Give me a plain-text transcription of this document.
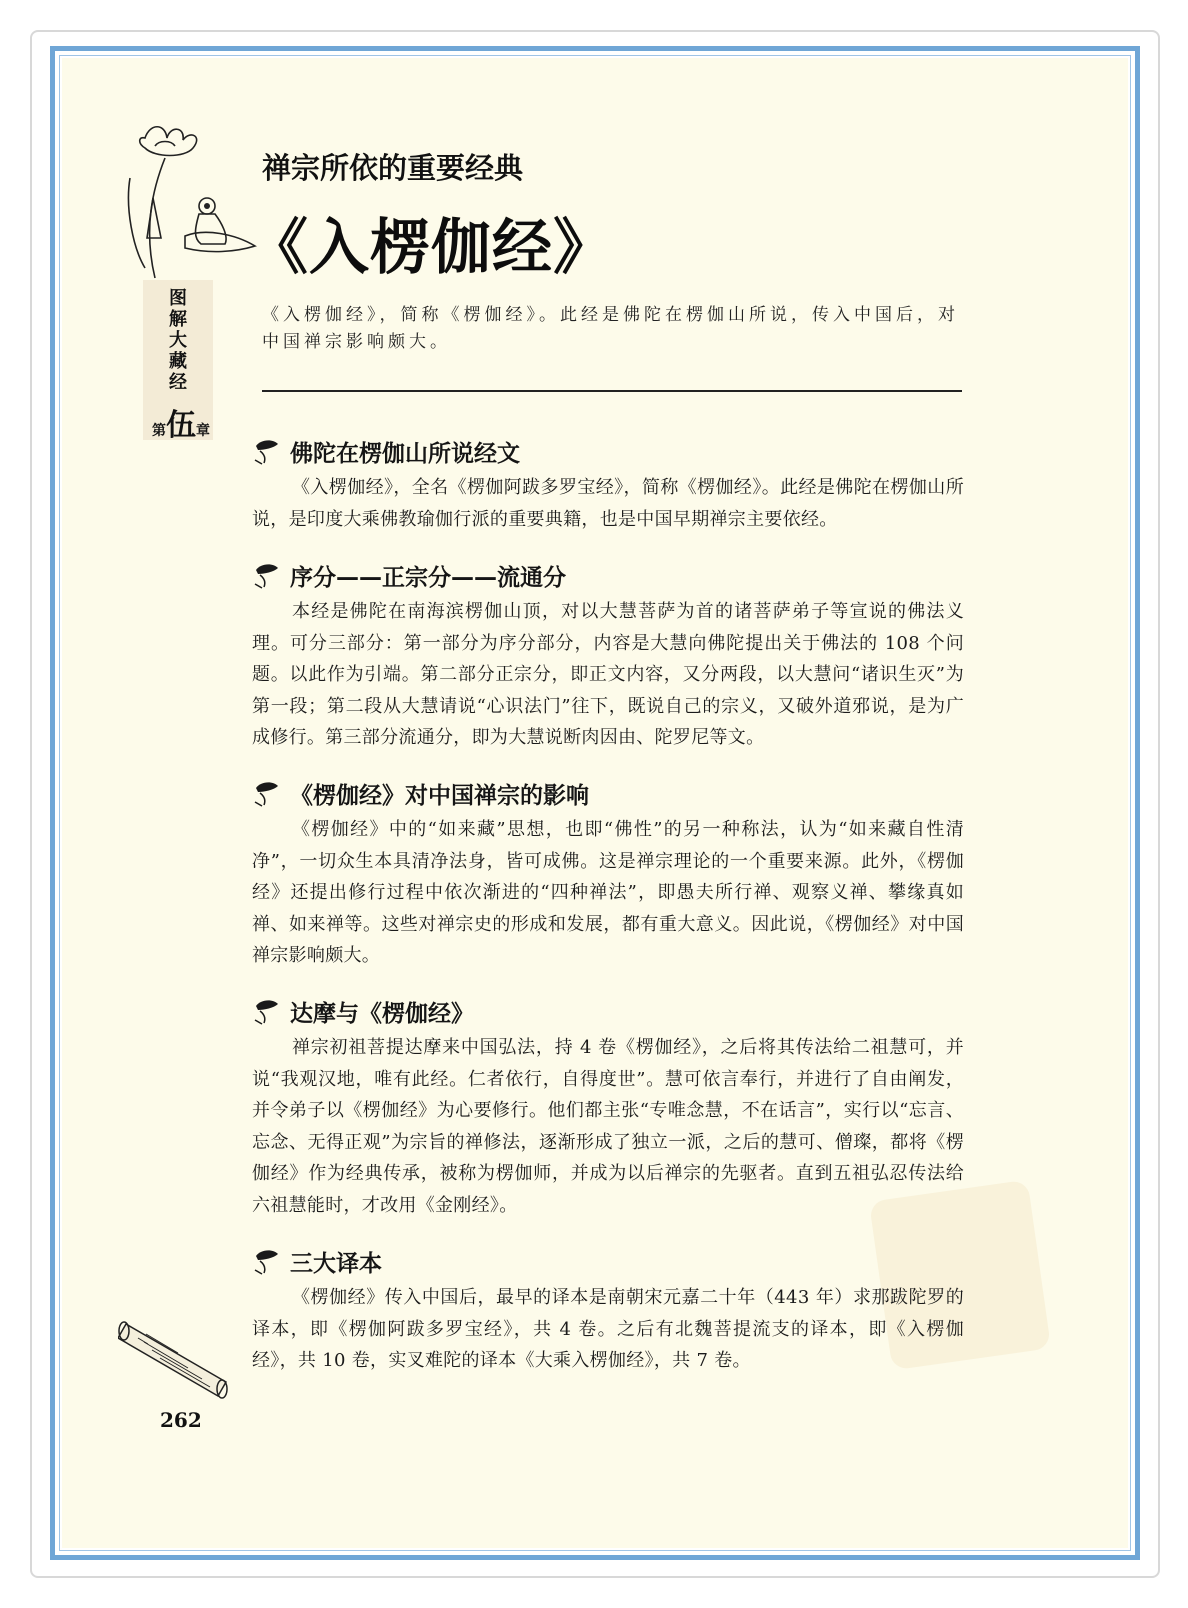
图解大藏经
第伍章
禅宗所依的重要经典
《入楞伽经》
《入楞伽经》，简称《楞伽经》。此经是佛陀在楞伽山所说，传入中国后，对中国禅宗影响颇大。
佛陀在楞伽山所说经文
《入楞伽经》，全名《楞伽阿跋多罗宝经》，简称《楞伽经》。此经是佛陀在楞伽山所说，是印度大乘佛教瑜伽行派的重要典籍，也是中国早期禅宗主要依经。
序分——正宗分——流通分
本经是佛陀在南海滨楞伽山顶，对以大慧菩萨为首的诸菩萨弟子等宣说的佛法义理。可分三部分：第一部分为序分部分，内容是大慧向佛陀提出关于佛法的 108 个问题。以此作为引端。第二部分正宗分，即正文内容，又分两段，以大慧问“诸识生灭”为第一段；第二段从大慧请说“心识法门”往下，既说自己的宗义，又破外道邪说，是为广成修行。第三部分流通分，即为大慧说断肉因由、陀罗尼等文。
《楞伽经》对中国禅宗的影响
《楞伽经》中的“如来藏”思想，也即“佛性”的另一种称法，认为“如来藏自性清净”，一切众生本具清净法身，皆可成佛。这是禅宗理论的一个重要来源。此外，《楞伽经》还提出修行过程中依次渐进的“四种禅法”，即愚夫所行禅、观察义禅、攀缘真如禅、如来禅等。这些对禅宗史的形成和发展，都有重大意义。因此说，《楞伽经》对中国禅宗影响颇大。
达摩与《楞伽经》
禅宗初祖菩提达摩来中国弘法，持 4 卷《楞伽经》，之后将其传法给二祖慧可，并说“我观汉地，唯有此经。仁者依行，自得度世”。慧可依言奉行，并进行了自由阐发，并令弟子以《楞伽经》为心要修行。他们都主张“专唯念慧，不在话言”，实行以“忘言、忘念、无得正观”为宗旨的禅修法，逐渐形成了独立一派，之后的慧可、僧璨，都将《楞伽经》作为经典传承，被称为楞伽师，并成为以后禅宗的先驱者。直到五祖弘忍传法给六祖慧能时，才改用《金刚经》。
三大译本
《楞伽经》传入中国后，最早的译本是南朝宋元嘉二十年（443 年）求那跋陀罗的译本，即《楞伽阿跋多罗宝经》，共 4 卷。之后有北魏菩提流支的译本，即《入楞伽经》，共 10 卷，实叉难陀的译本《大乘入楞伽经》，共 7 卷。
262
